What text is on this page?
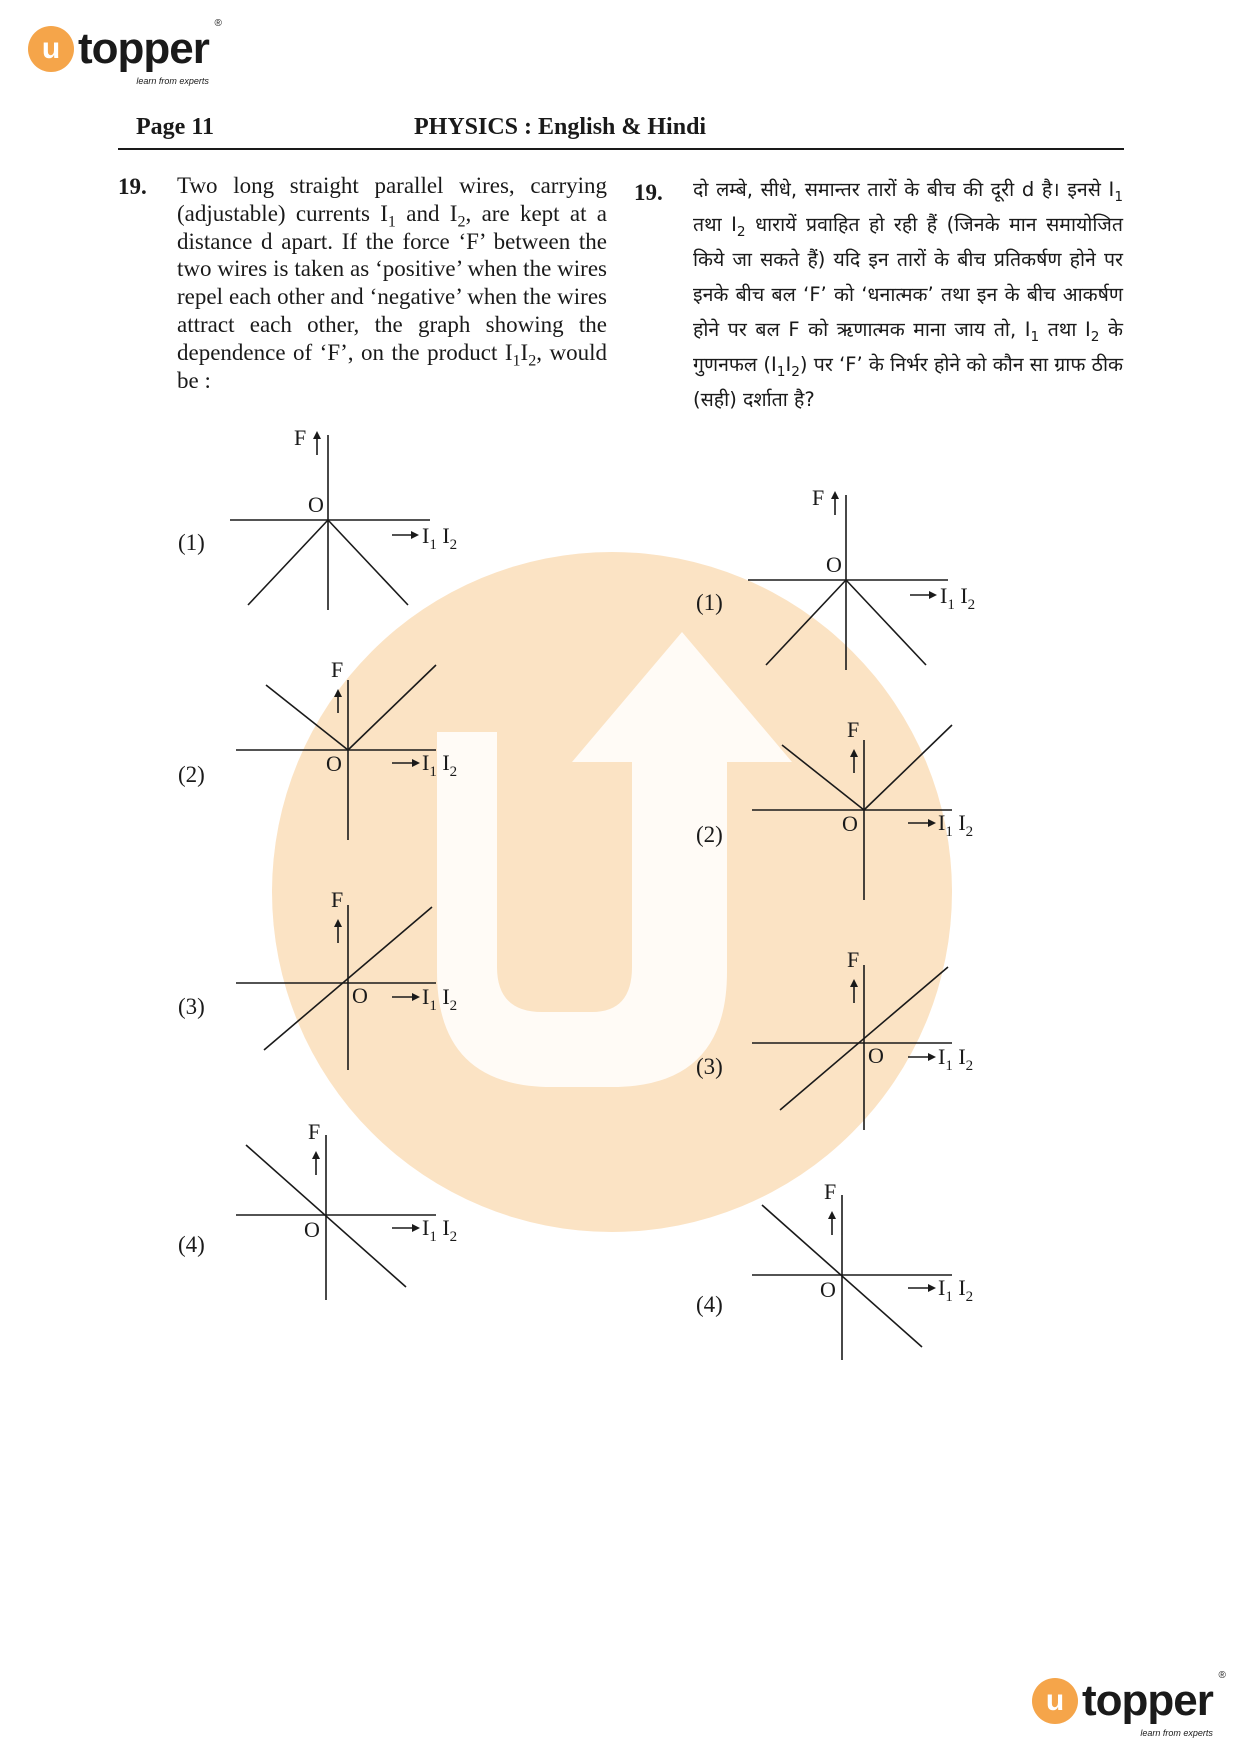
u topper
®
learn from experts
Page 11	PHYSICS : English & Hindi
19. Two long straight parallel wires, carrying (adjustable) currents $I_1$ and $I_2$, are kept at a distance d apart. If the force ‘F’ between the two wires is taken as ‘positive’ when the wires repel each other and ‘negative’ when the wires attract each other, the graph showing the dependence of ‘F’, on the product $I_1I_2$, would be :
19. दो लम्बे, सीधे, समान्तर तारों के बीच की दूरी d है। इनसे $I_1$ तथा $I_2$ धारायें प्रवाहित हो रही हैं (जिनके मान समायोजित किये जा सकते हैं) यदि इन तारों के बीच प्रतिकर्षण होने पर इनके बीच बल ‘F’ को ‘धनात्मक’ तथा इन के बीच आकर्षण होने पर बल F को ऋणात्मक माना जाय तो, $I_1$ तथा $I_2$ के गुणनफल $(I_1I_2)$ पर ‘F’ के निर्भर होने को कौन सा ग्राफ ठीक (सही) दर्शाता है?
(1)
(2)
(3)
(4)
(1)
(2)
(3)
(4)
F
O
$I_1$ $I_2$
F
O	$I_1$ $I_2$
F
O $I_1$ $I_2$
F
O	$I_1$ $I_2$
F
O
$I_1$ $I_2$
F
O	$I_1$ $I_2$
F
O $I_1$ $I_2$
F
O	$I_1$ $I_2$
u topper
®
learn from experts
